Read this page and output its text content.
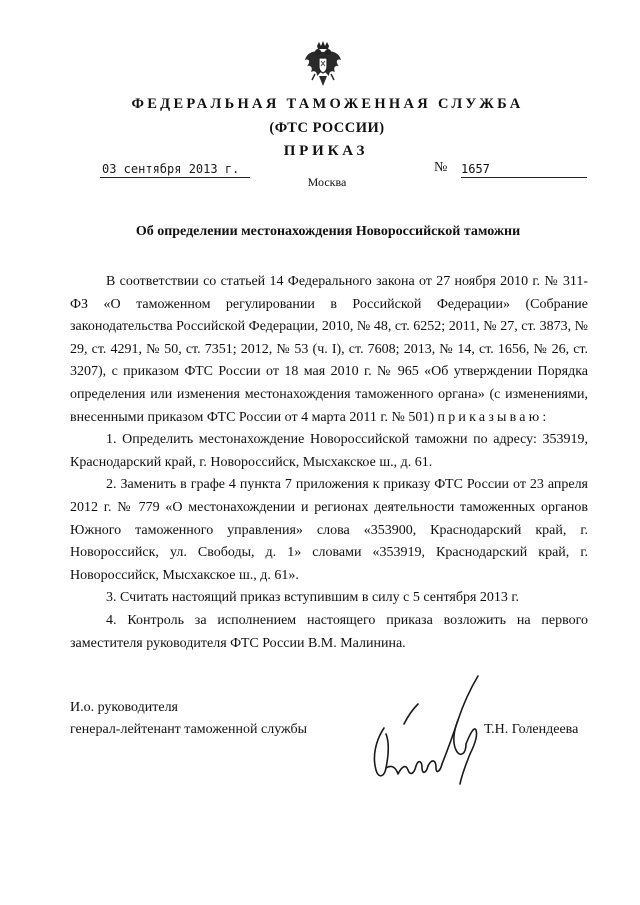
ФЕДЕРАЛЬНАЯ ТАМОЖЕННАЯ СЛУЖБА
(ФТС РОССИИ)
ПРИКАЗ
03 сентября 2013 г.	№ 1657
Москва
Об определении местонахождения Новороссийской таможни

В соответствии со статьей 14 Федерального закона от 27 ноября 2010 г. № 311-ФЗ «О таможенном регулировании в Российской Федерации» (Собрание законодательства Российской Федерации, 2010, № 48, ст. 6252; 2011, № 27, ст. 3873, № 29, ст. 4291, № 50, ст. 7351; 2012, № 53 (ч. I), ст. 7608; 2013, № 14, ст. 1656, № 26, ст. 3207), с приказом ФТС России от 18 мая 2010 г. № 965 «Об утверждении Порядка определения или изменения местонахождения таможенного органа» (с изменениями, внесенными приказом ФТС России от 4 марта 2011 г. № 501) приказываю:

1. Определить местонахождение Новороссийской таможни по адресу: 353919, Краснодарский край, г. Новороссийск, Мысхакское ш., д. 61.

2. Заменить в графе 4 пункта 7 приложения к приказу ФТС России от 23 апреля 2012 г. № 779 «О местонахождении и регионах деятельности таможенных органов Южного таможенного управления» слова «353900, Краснодарский край, г. Новороссийск, ул. Свободы, д. 1» словами «353919, Краснодарский край, г. Новороссийск, Мысхакское ш., д. 61».

3. Считать настоящий приказ вступившим в силу с 5 сентября 2013 г.

4. Контроль за исполнением настоящего приказа возложить на первого заместителя руководителя ФТС России В.М. Малинина.

И.о. руководителя
генерал-лейтенант таможенной службы	Т.Н. Голендеева
